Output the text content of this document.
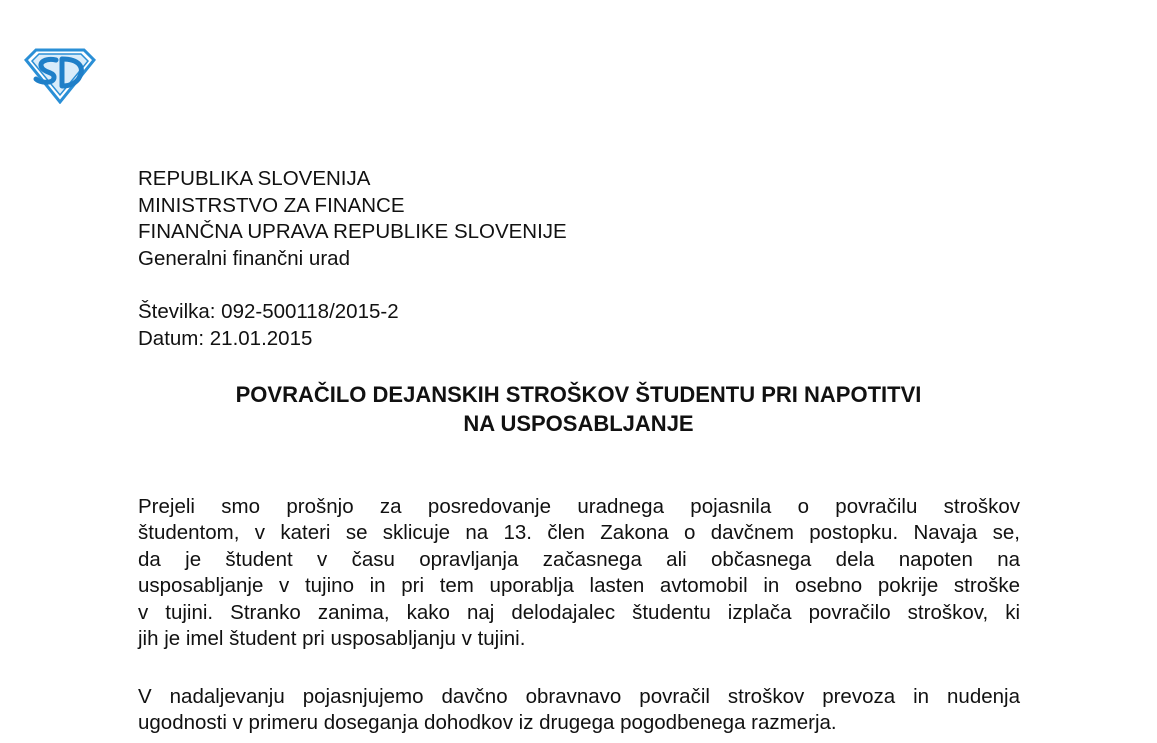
REPUBLIKA SLOVENIJA
MINISTRSTVO ZA FINANCE
FINANČNA UPRAVA REPUBLIKE SLOVENIJE
Generalni finančni urad
Številka: 092-500118/2015-2
Datum: 21.01.2015
POVRAČILO DEJANSKIH STROŠKOV ŠTUDENTU PRI NAPOTITVI
NA USPOSABLJANJE
Prejeli smo prošnjo za posredovanje uradnega pojasnila o povračilu stroškov
študentom, v kateri se sklicuje na 13. člen Zakona o davčnem postopku. Navaja se,
da je študent v času opravljanja začasnega ali občasnega dela napoten na
usposabljanje v tujino in pri tem uporablja lasten avtomobil in osebno pokrije stroške
v tujini. Stranko zanima, kako naj delodajalec študentu izplača povračilo stroškov, ki
jih je imel študent pri usposabljanju v tujini.
V nadaljevanju pojasnjujemo davčno obravnavo povračil stroškov prevoza in nudenja
ugodnosti v primeru doseganja dohodkov iz drugega pogodbenega razmerja.
